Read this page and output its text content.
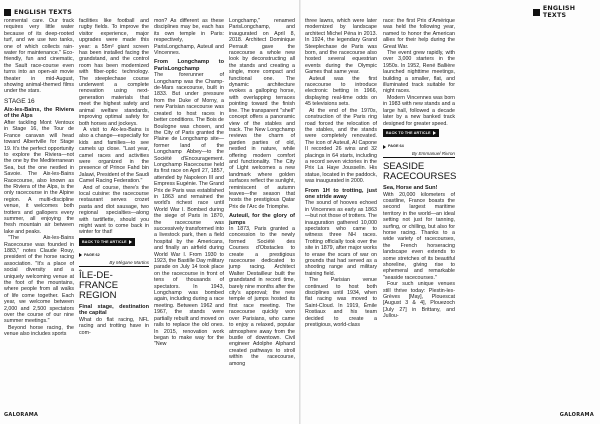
ENGLISH TEXTS

ronmental care. Our track requires very little water because of its deep-rooted turf, and we use two tanks, one of which collects rain-water for maintenance." Eco-friendly, fun and cinematic, the Sault race-course even turns into an open-air movie theater in mid-August, showing animal-themed films under the stars.

STAGE 16
Aix-les-Bains, the Riviera of the Alps

After tackling Mont Ventoux in Stage 16, the Tour de France caravan will head toward Albertville for Stage 19. It's the perfect opportunity to explore the Riviera—not the one by the Mediterranean Sea, but the one nestled in Savoie. The Aix-les-Bains Racecourse, also known as the Riviera of the Alps, is the only racecourse in the Alpine region. A multi-discipline venue, it welcomes both trotters and gallopers every summer, all enjoying the fresh mountain air between lake and peaks.

"The Aix-les-Bains Racecourse was founded in 1883," notes Claude Rouy, president of the horse racing association. "It's a place of social diversity and a uniquely welcoming venue at the foot of the mountains, where people from all walks of life come together. Each year, we welcome between 2,000 and 2,500 spectators over the course of our nine summer meetings."

Beyond horse racing, the venue also includes sports

facilities like football and rugby fields. To improve the visitor experience, major upgrades were made this year: a 55m² giant screen has been installed facing the grandstand, and the control room has been modernized with fiber-optic technology. The steeplechase course underwent a complete renovation using next-generation materials that meet the highest safety and animal welfare standards, improving optimal safety for both horses and jockeys.

A visit to Aix-les-Bains is also a change—especially for kids and families—to see camels up close. "Last year, camel races and activities were organized in the presence of Prince Fahd bin Jalawi, President of the Saudi Camel Racing Federation."

And of course, there's the local cuisine: the racecourse restaurant serves crozet pasta and diot sausage, two regional specialties—along with tartiflette, should you might want to come back in winter for that!

BACK TO THE ARTICLE
PAGE 62
By Mégane Martins
ÎLE-DE-FRANCE
REGION
Final stage, destination the capital

What do flat racing, NFL racing and trotting have in com-

mon? As different as these disciplines may be, each has its own temple in Paris: respectively, ParisLongchamp, Auteuil and Vincennes.

From Longchamp to ParisLongchamp

The forerunner of Longchamp was the Champ-de-Mars racecourse, built in 1833. But under pressure from the Duke of Morny, a new Parisian racecourse was created to host races in better conditions. The Bois de Boulogne was chosen, and the City of Paris granted the Plaine de Longchamp site—former land of the Longchamp Abbey—to the Société d'Encouragement. Longchamp Racecourse held its first race on April 27, 1857, attended by Napoleon III and Empress Eugénie. The Grand Prix de Paris was established in 1863 and remained the world's richest race until World War I. Bombed during the siege of Paris in 1870, the racecourse was successively transformed into a livestock park, then a field hospital by the Americans, and finally an airfield during World War I. From 1930 to 1923, the Bastille Day military parade on July 14 took place on the racecourse in front of tens of thousands of spectators. In 1943, Longchamp was bombed again, including during a race meeting. Between 1962 and 1967, the stands were partially rebuilt and moved on rails to replace the old ones. In 2015, renovation work began to make way for the "New

Longchamp," renamed ParisLongchamp, and inaugurated on April 8, 2018. Architect Dominique Perrault gave the racecourse a whole new look by deconstructing all the stands and creating a single, more compact and functional one. The dynamic architecture evokes a galloping horse, with overlapping terraces pointing toward the finish line. The transparent "shell" concept offers a panoramic view of the stables and track. The New Longchamp reviews the charm of garden parties of old, nestled in nature, while offering modern comfort and functionality. The City of Light welcomes a new landmark where golden surfaces reflect the sunlight, reminiscent of autumn leaves—the season that hosts the prestigious Qatar Prix de l'Arc de Triomphe.

Auteuil, for the glory of jumps

In 1873, Paris granted a concession to the newly formed Société des Courses d'Obstacles to create a prestigious racecourse dedicated to jump racing. Architect Walter Destailleur built the grandstand in record time, barely nine months after the city's approval; the new temple of jumps hosted its first race meeting. The racecourse quickly won over Parisians, who came to enjoy a relaxed, popular atmosphere away from the bustle of downtown. Civil engineer Adolphe Alphand created pathways to stroll within the racecourse, among

GALORAMA
ENGLISH TEXTS

three lawns, which were later modernized by landscape architect Michel Péna in 2013. In 1924, the legendary Grand Steeplechase de Paris was born, and the racecourse also hosted several equestrian events during the Olympic Games that same year.

Auteuil was the first racecourse to introduce electronic betting in 1966, displaying real-time odds on 45 televisions sets.

At the end of the 1970s, construction of the Paris ring road forced the relocation of the stables, and the stands were completely renovated. The icon of Auteuil, Al Capone II recorded 26 wins and 32 placings in 64 starts, including a record seven victories in the Prix La Haye Jousselin. His statue, located in the paddock, was inaugurated in 2000.

From 1H to trotting, just one stride away

The sound of hooves echoed in Vincennes as early as 1863—but not those of trotters. The inauguration gathered 10,000 spectators who came to witness three NH races. Trotting officially took over the site in 1879, after major works to erase the scars of war on grounds that had served as a shooting range and military training field.

The Parisian venue continued to host both disciplines until 1934, when flat racing was moved to Saint-Cloud. In 1919, Émile Rostiaux and his team decided to create a prestigious, world-class

race: the first Prix d'Amérique was held the following year, named to honor the American allies for their help during the Great War.

The event grew rapidly, with over 3,000 starters in the 1950s. In 1952, René Ballière launched nighttime meetings, building a smaller, flat, and illuminated track suitable for night races.

Modern Vincennes was born in 1983 with new stands and a large hall, followed a decade later by a new banked track designed for greater speed.

BACK TO THE ARTICLE
PAGE 64
By Emmanuel Rivron
SEASIDE
RACECOURSES
Sea, Horse and Sun!

With 20,000 kilometers of coastline, France boasts the second largest maritime territory in the world—an ideal setting not just for tanning, surfing, or chilling, but also for horse racing. Thanks to a wide variety of racecourses, the French horseracing landscape even extends to some stretches of its beautiful shoreline, giving rise to ephemeral and remarkable "seaside racecourses."

Four such unique venues still thrive today: Plestin-les-Grèves [May], Plouescat [August 3 & 4], Plouezoch [July 27] in Brittany, and Jullou-

GALORAMA
